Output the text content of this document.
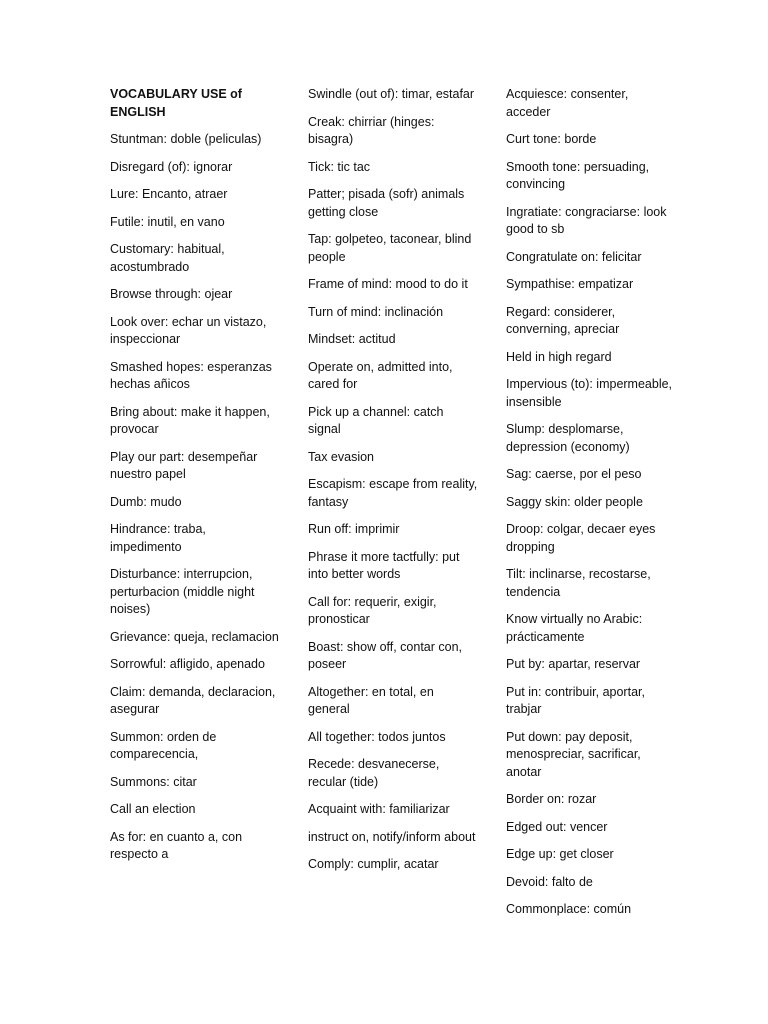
VOCABULARY USE of ENGLISH
Stuntman: doble (peliculas)
Disregard (of): ignorar
Lure: Encanto, atraer
Futile: inutil, en vano
Customary: habitual, acostumbrado
Browse through: ojear
Look over: echar un vistazo, inspeccionar
Smashed hopes: esperanzas hechas añicos
Bring about: make it happen, provocar
Play our part: desempeñar nuestro papel
Dumb: mudo
Hindrance: traba, impedimento
Disturbance: interrupcion, perturbacion (middle night noises)
Grievance: queja, reclamacion
Sorrowful: afligido, apenado
Claim: demanda, declaracion, asegurar
Summon: orden de comparecencia,
Summons: citar
Call an election
As for: en cuanto a, con respecto a
Swindle (out of): timar, estafar
Creak: chirriar (hinges: bisagra)
Tick: tic tac
Patter; pisada (sofr) animals getting close
Tap: golpeteo, taconear, blind people
Frame of mind: mood to do it
Turn of mind: inclinación
Mindset: actitud
Operate on, admitted into, cared for
Pick up a channel: catch signal
Tax evasion
Escapism: escape from reality, fantasy
Run off: imprimir
Phrase it more tactfully: put into better words
Call for: requerir, exigir, pronosticar
Boast: show off, contar con, poseer
Altogether: en total, en general
All together: todos juntos
Recede: desvanecerse, recular (tide)
Acquaint with: familiarizar
instruct on, notify/inform about
Comply: cumplir, acatar
Acquiesce: consenter, acceder
Curt tone: borde
Smooth tone: persuading, convincing
Ingratiate: congraciarse: look good to sb
Congratulate on: felicitar
Sympathise: empatizar
Regard: considerer, converning, apreciar
Held in high regard
Impervious (to): impermeable, insensible
Slump: desplomarse, depression (economy)
Sag: caerse, por el peso
Saggy skin: older people
Droop: colgar, decaer eyes dropping
Tilt: inclinarse, recostarse, tendencia
Know virtually no Arabic: prácticamente
Put by: apartar, reservar
Put in: contribuir, aportar, trabjar
Put down: pay deposit, menospreciar, sacrificar, anotar
Border on: rozar
Edged out: vencer
Edge up: get closer
Devoid: falto de
Commonplace: común
